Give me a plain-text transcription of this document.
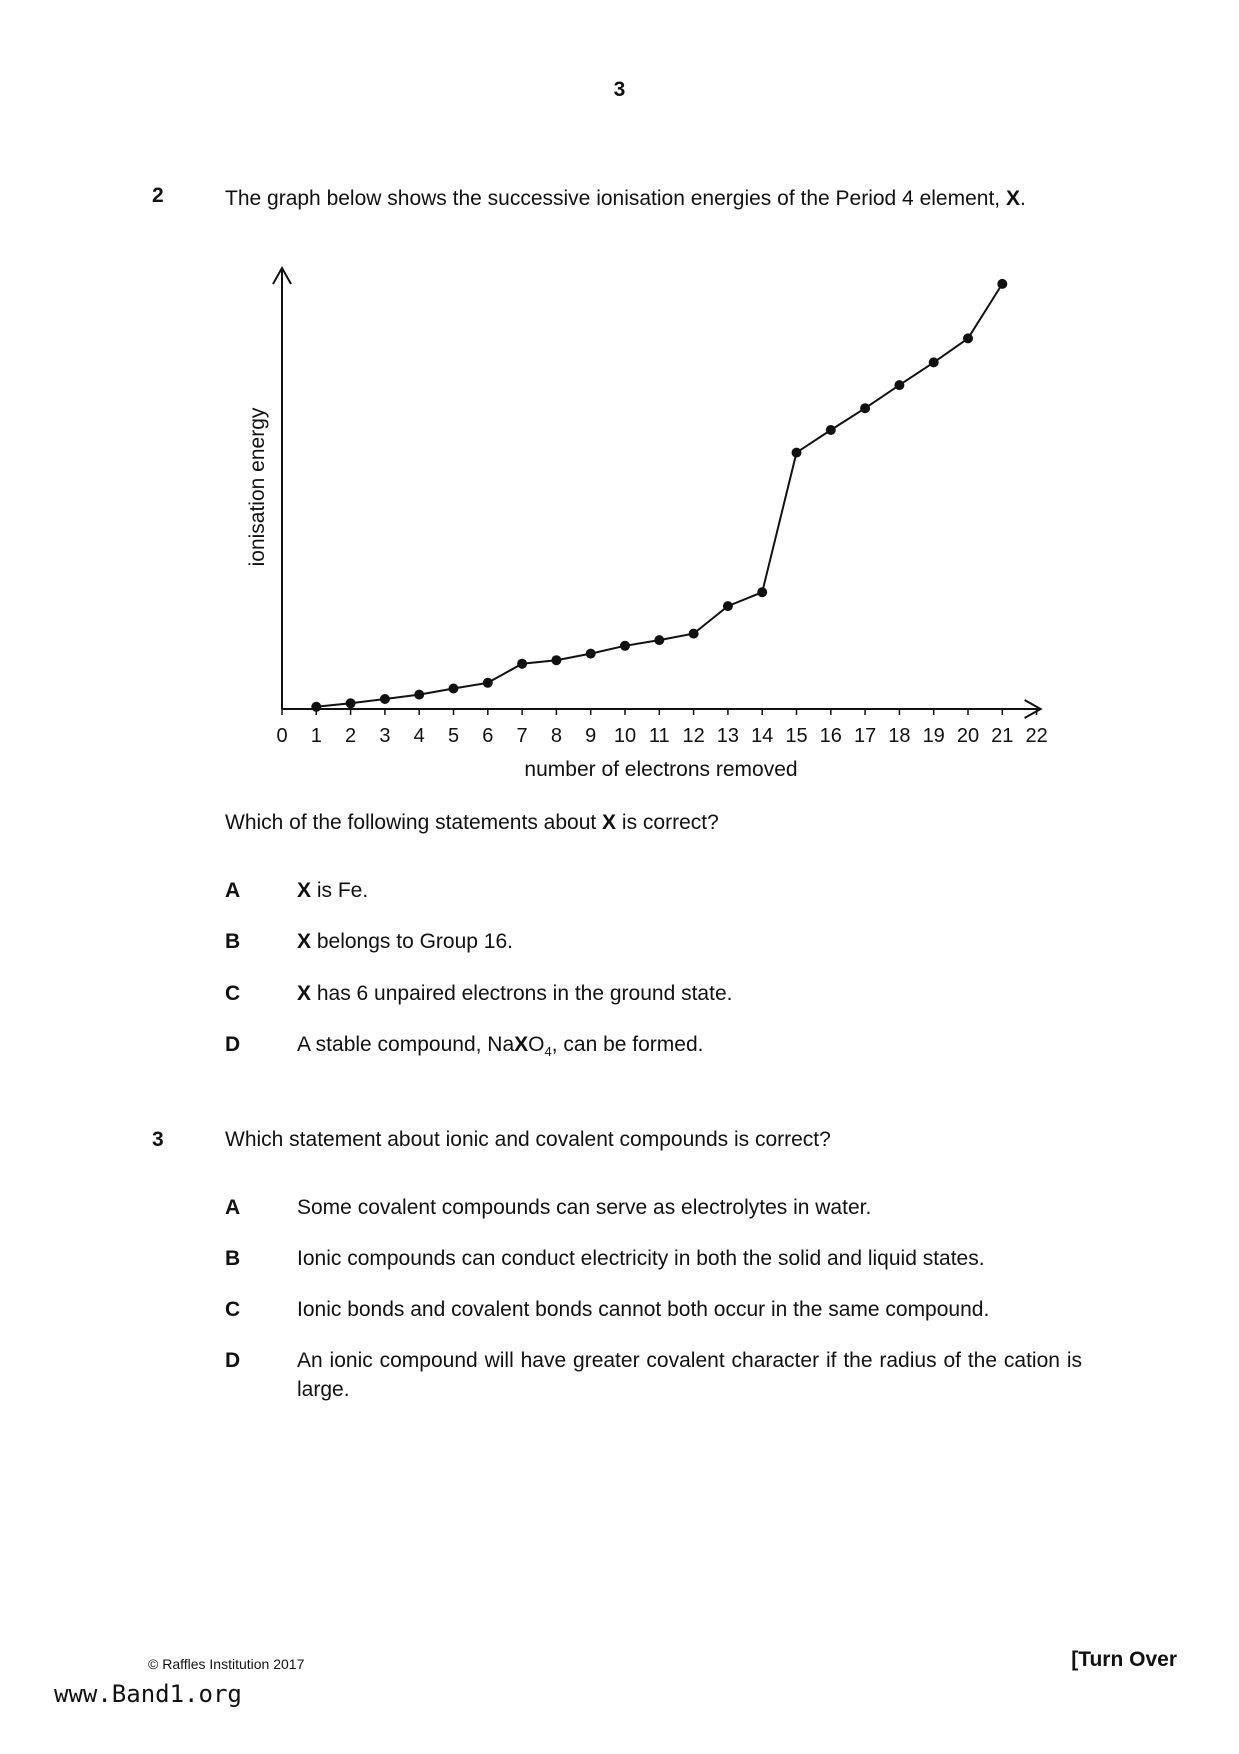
3
2	The graph below shows the successive ionisation energies of the Period 4 element, X.
0 1 2 3 4 5 6 7 8 9 10 11 12 13 14 15 16 17 18 19 20 21 22
number of electrons removed
ionisation energy
Which of the following statements about X is correct?
A	X is Fe.
B	X belongs to Group 16.
C	X has 6 unpaired electrons in the ground state.
D	A stable compound, NaXO$_4$, can be formed.
3	Which statement about ionic and covalent compounds is correct?
A	Some covalent compounds can serve as electrolytes in water.
B	Ionic compounds can conduct electricity in both the solid and liquid states.
C	Ionic bonds and covalent bonds cannot both occur in the same compound.
D	An ionic compound will have greater covalent character if the radius of the cation is large.
© Raffles Institution 2017	[Turn Over
www.Band1.org
